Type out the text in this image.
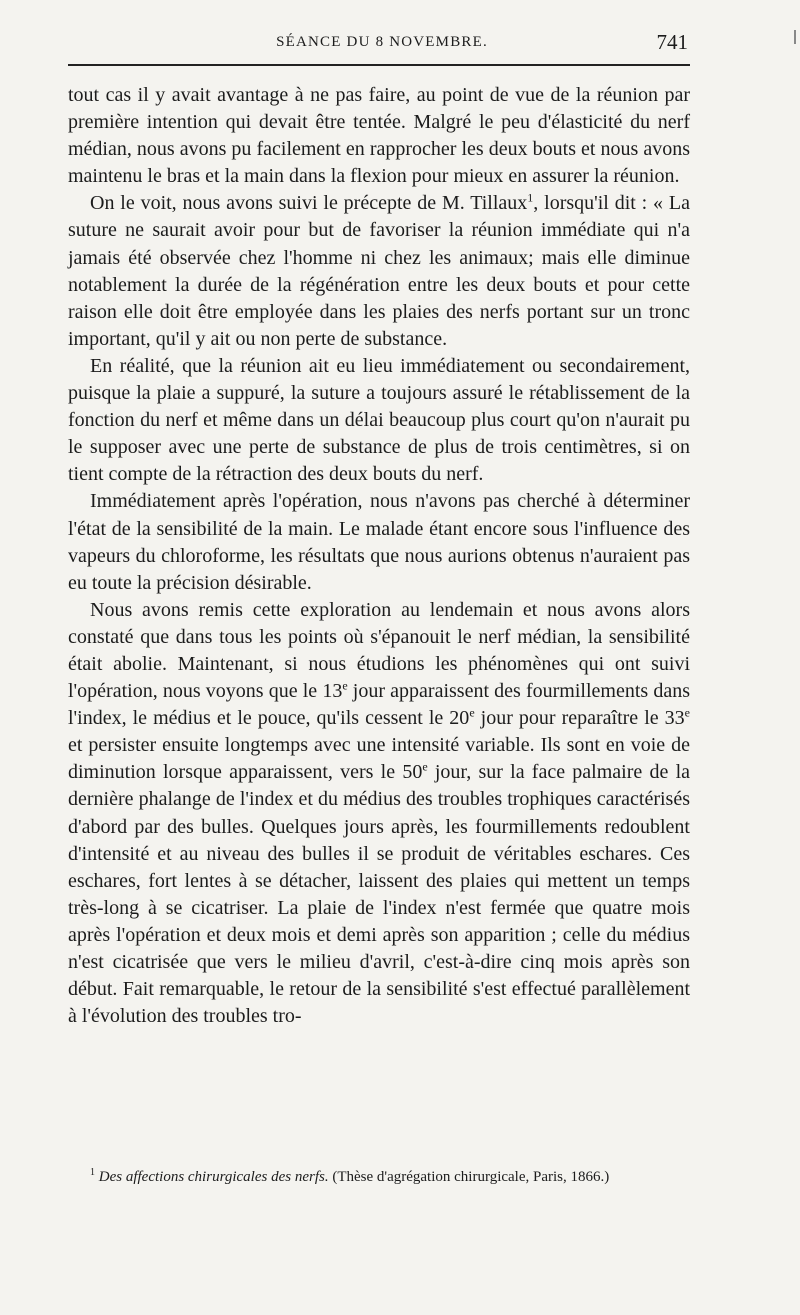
SÉANCE DU 8 NOVEMBRE.	741

tout cas il y avait avantage à ne pas faire, au point de vue de la réunion par première intention qui devait être tentée. Malgré le peu d'élasticité du nerf médian, nous avons pu facilement en rapprocher les deux bouts et nous avons maintenu le bras et la main dans la flexion pour mieux en assurer la réunion.

On le voit, nous avons suivi le précepte de M. Tillaux$^1$, lorsqu'il dit : « La suture ne saurait avoir pour but de favoriser la réunion immédiate qui n'a jamais été observée chez l'homme ni chez les animaux; mais elle diminue notablement la durée de la régénération entre les deux bouts et pour cette raison elle doit être employée dans les plaies des nerfs portant sur un tronc important, qu'il y ait ou non perte de substance.

En réalité, que la réunion ait eu lieu immédiatement ou secondairement, puisque la plaie a suppuré, la suture a toujours assuré le rétablissement de la fonction du nerf et même dans un délai beaucoup plus court qu'on n'aurait pu le supposer avec une perte de substance de plus de trois centimètres, si on tient compte de la rétraction des deux bouts du nerf.

Immédiatement après l'opération, nous n'avons pas cherché à déterminer l'état de la sensibilité de la main. Le malade étant encore sous l'influence des vapeurs du chloroforme, les résultats que nous aurions obtenus n'auraient pas eu toute la précision désirable.

Nous avons remis cette exploration au lendemain et nous avons alors constaté que dans tous les points où s'épanouit le nerf médian, la sensibilité était abolie. Maintenant, si nous étudions les phénomènes qui ont suivi l'opération, nous voyons que le 13e jour apparaissent des fourmillements dans l'index, le médius et le pouce, qu'ils cessent le 20e jour pour reparaître le 33e et persister ensuite longtemps avec une intensité variable. Ils sont en voie de diminution lorsque apparaissent, vers le 50e jour, sur la face palmaire de la dernière phalange de l'index et du médius des troubles trophiques caractérisés d'abord par des bulles. Quelques jours après, les fourmillements redoublent d'intensité et au niveau des bulles il se produit de véritables eschares. Ces eschares, fort lentes à se détacher, laissent des plaies qui mettent un temps très-long à se cicatriser. La plaie de l'index n'est fermée que quatre mois après l'opération et deux mois et demi après son apparition ; celle du médius n'est cicatrisée que vers le milieu d'avril, c'est-à-dire cinq mois après son début. Fait remarquable, le retour de la sensibilité s'est effectué parallèlement à l'évolution des troubles tro-

$^1$ Des affections chirurgicales des nerfs. (Thèse d'agrégation chirurgicale, Paris, 1866.)
